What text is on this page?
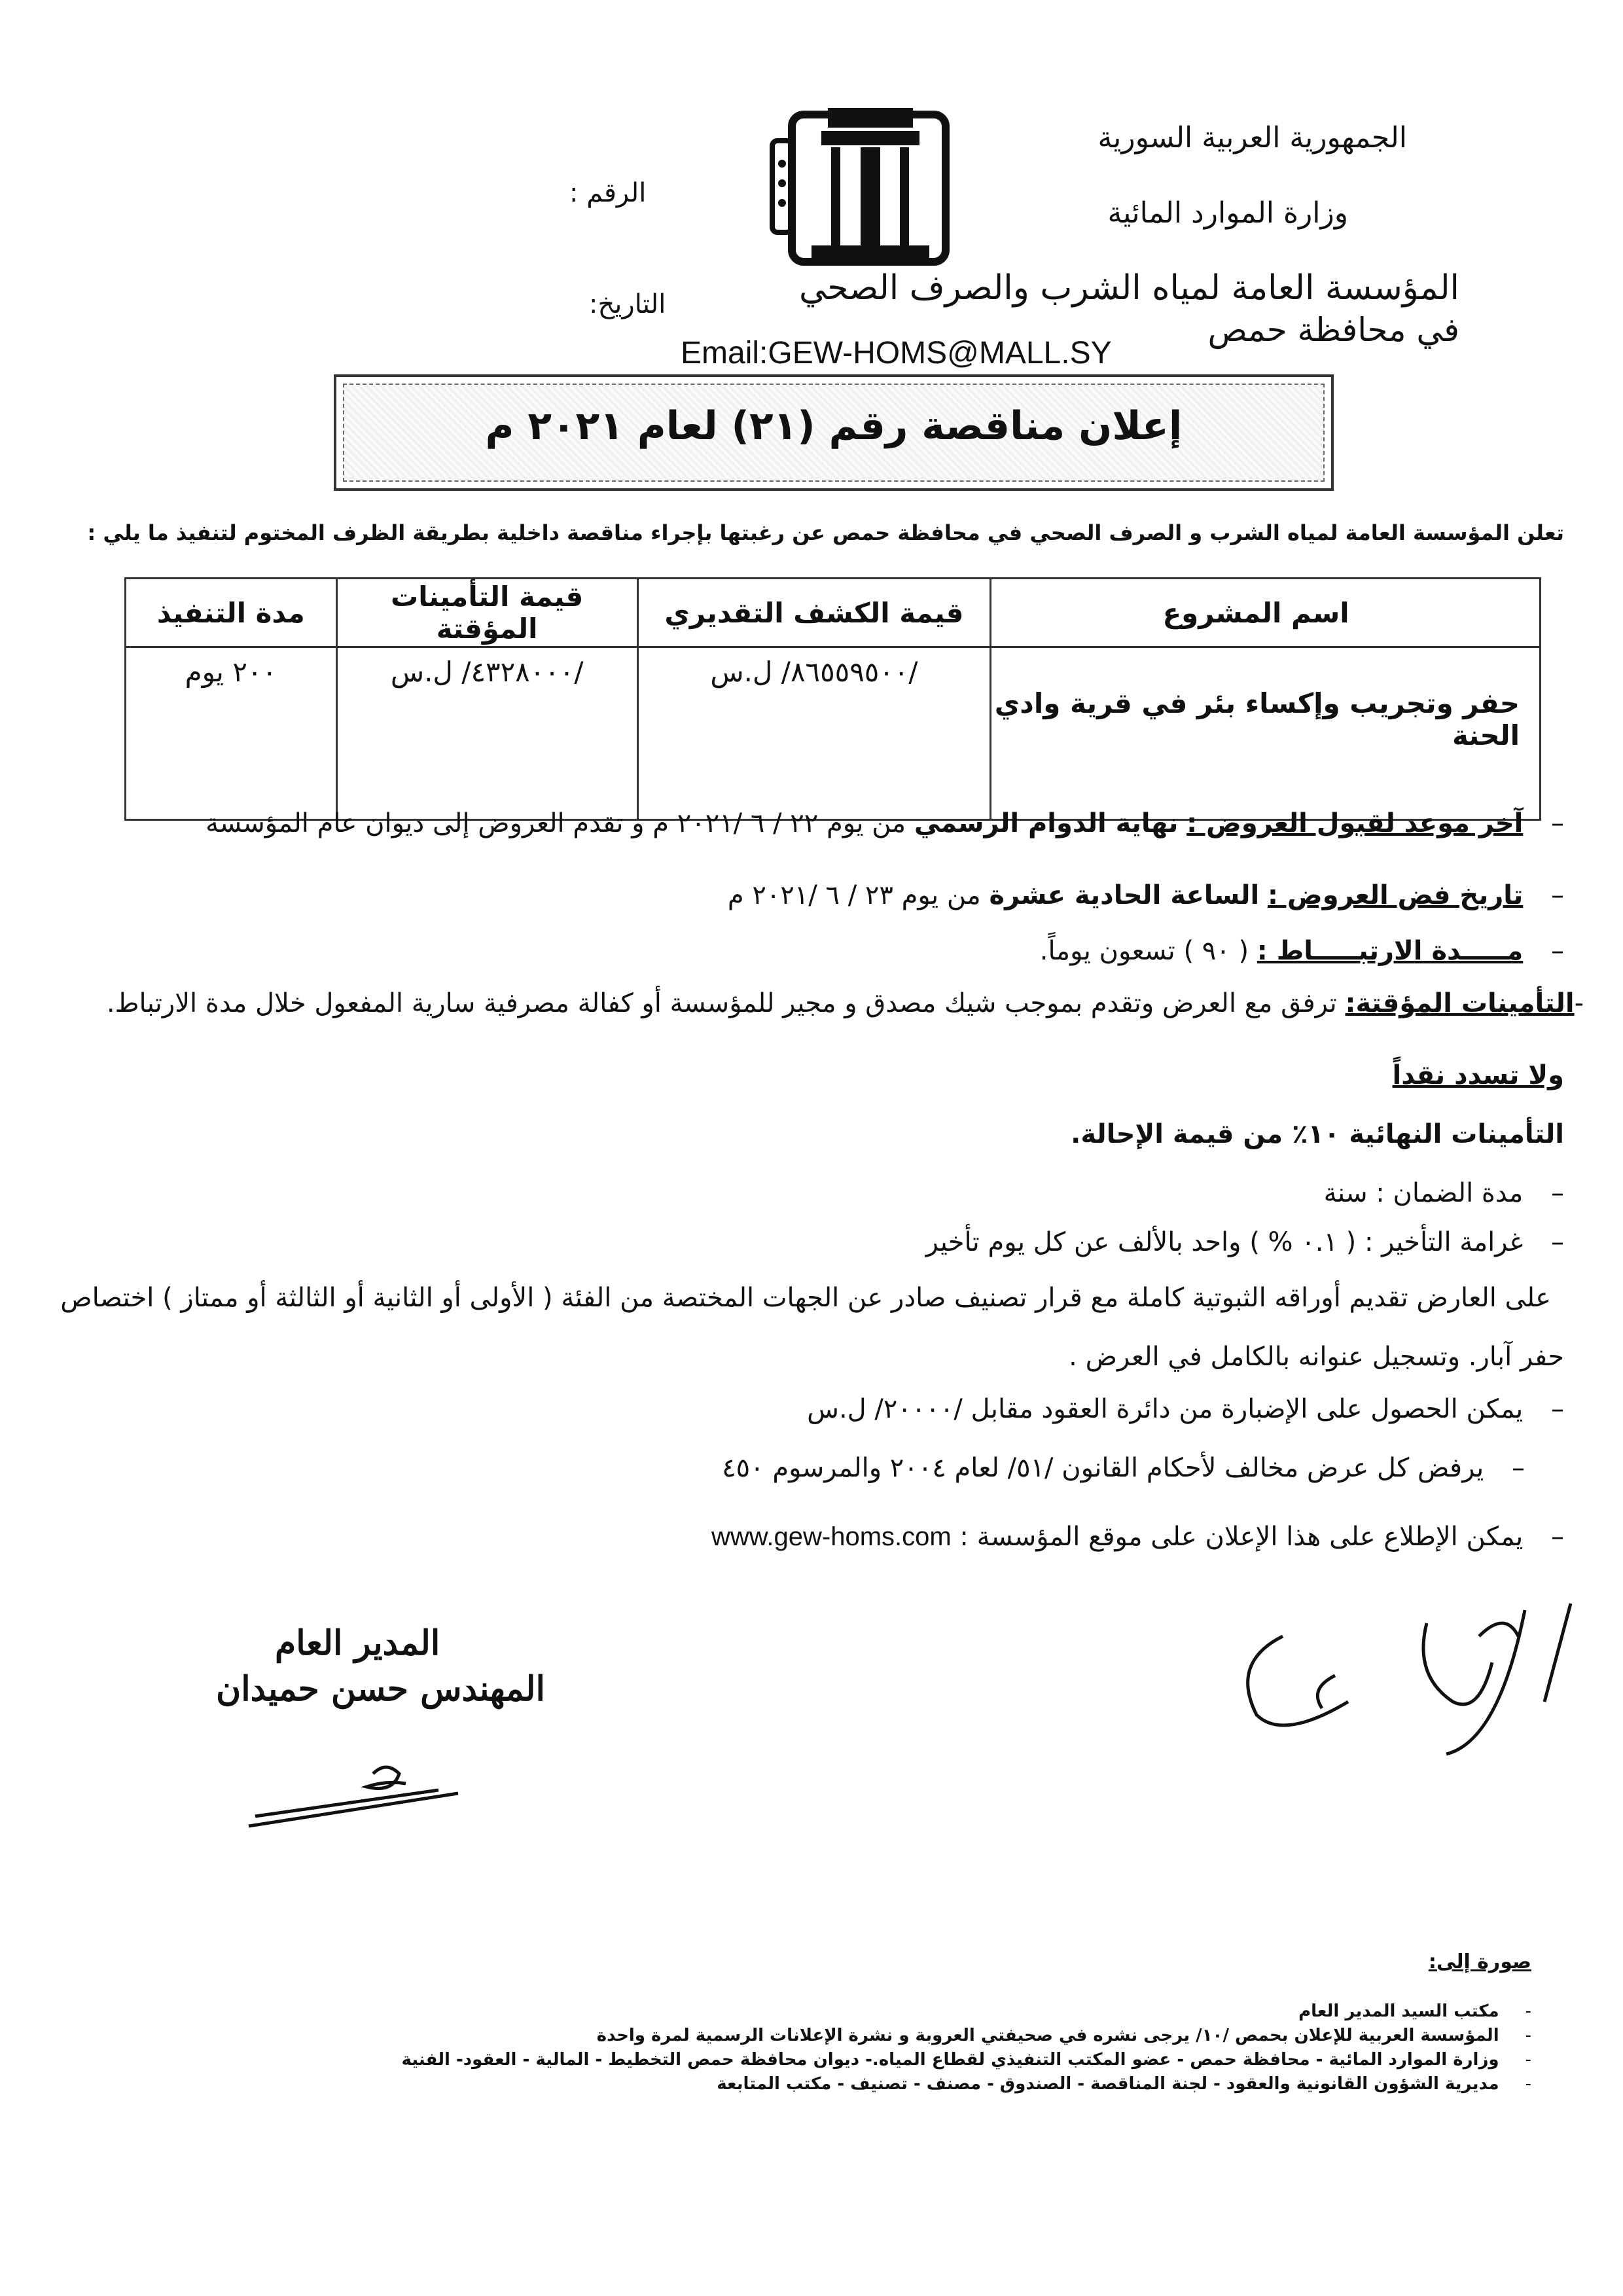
الجمهورية العربية السورية
وزارة الموارد المائية
المؤسسة العامة لمياه الشرب والصرف الصحي
في محافظة حمص
الرقم :
التاريخ:
Email:GEW-HOMS@MALL.SY
إعلان مناقصة رقم (٢١) لعام ٢٠٢١ م
تعلن المؤسسة العامة لمياه الشرب و الصرف الصحي في محافظة حمص عن رغبتها بإجراء مناقصة داخلية بطريقة الظرف المختوم لتنفيذ ما يلي :
اسم المشروع	قيمة الكشف التقديري	قيمة التأمينات المؤقتة	مدة التنفيذ
حفر وتجريب وإكساء بئر في قرية وادي الحنة	/٨٦٥٥٩٥٠٠/ ل.س	/٤٣٢٨٠٠٠/ ل.س	٢٠٠ يوم
– آخر موعد لقبول العروض : نهاية الدوام الرسمي من يوم ٢٢ / ٦ /٢٠٢١ م و تقدم العروض إلى ديوان عام المؤسسة
– تاريخ فض العروض : الساعة الحادية عشرة من يوم ٢٣ / ٦ /٢٠٢١ م
– مـــــدة الارتبـــــاط : ( ٩٠ ) تسعون يوماً.
-التأمينات المؤقتة: ترفق مع العرض وتقدم بموجب شيك مصدق و مجير للمؤسسة أو كفالة مصرفية سارية المفعول خلال مدة الارتباط.
ولا تسدد نقداً
التأمينات النهائية ١٠٪ من قيمة الإحالة.
– مدة الضمان : سنة
– غرامة التأخير : ( ٠.١ % ) واحد بالألف عن كل يوم تأخير
على العارض تقديم أوراقه الثبوتية كاملة مع قرار تصنيف صادر عن الجهات المختصة من الفئة ( الأولى أو الثانية أو الثالثة أو ممتاز ) اختصاص
حفر آبار. وتسجيل عنوانه بالكامل في العرض .
– يمكن الحصول على الإضبارة من دائرة العقود مقابل /٢٠٠٠٠/ ل.س
– يرفض كل عرض مخالف لأحكام القانون /٥١/ لعام ٢٠٠٤ والمرسوم ٤٥٠
– يمكن الإطلاع على هذا الإعلان على موقع المؤسسة : www.gew-homs.com
المدير العام
المهندس حسن حميدان
صورة إلى:
- مكتب السيد المدير العام
- المؤسسة العربية للإعلان بحمص /١٠/ يرجى نشره في صحيفتي العروبة و نشرة الإعلانات الرسمية لمرة واحدة
- وزارة الموارد المائية - محافظة حمص - عضو المكتب التنفيذي لقطاع المياه.- ديوان محافظة حمص التخطيط - المالية - العقود- الفنية
- مديرية الشؤون القانونية والعقود - لجنة المناقصة - الصندوق - مصنف - تصنيف - مكتب المتابعة
